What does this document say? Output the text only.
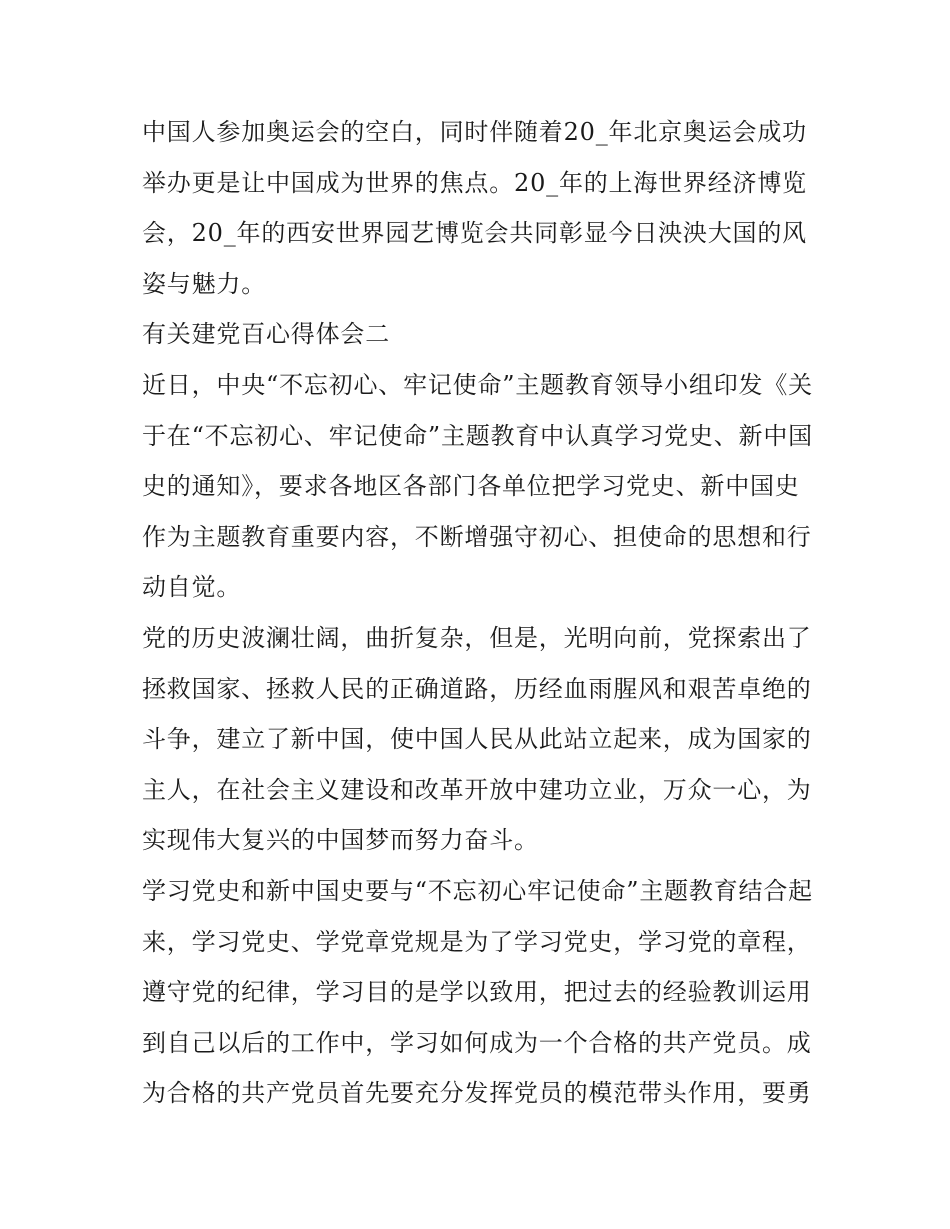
中国人参加奥运会的空白，同时伴随着20_年北京奥运会成功
举办更是让中国成为世界的焦点。20_年的上海世界经济博览
会，20_年的西安世界园艺博览会共同彰显今日泱泱大国的风
姿与魅力。
有关建党百心得体会二
近日，中央“不忘初心、牢记使命”主题教育领导小组印发《关
于在“不忘初心、牢记使命”主题教育中认真学习党史、新中国
史的通知》，要求各地区各部门各单位把学习党史、新中国史
作为主题教育重要内容，不断增强守初心、担使命的思想和行
动自觉。
党的历史波澜壮阔，曲折复杂，但是，光明向前，党探索出了
拯救国家、拯救人民的正确道路，历经血雨腥风和艰苦卓绝的
斗争，建立了新中国，使中国人民从此站立起来，成为国家的
主人，在社会主义建设和改革开放中建功立业，万众一心，为
实现伟大复兴的中国梦而努力奋斗。
学习党史和新中国史要与“不忘初心牢记使命”主题教育结合起
来，学习党史、学党章党规是为了学习党史，学习党的章程，
遵守党的纪律，学习目的是学以致用，把过去的经验教训运用
到自己以后的工作中，学习如何成为一个合格的共产党员。成
为合格的共产党员首先要充分发挥党员的模范带头作用，要勇
